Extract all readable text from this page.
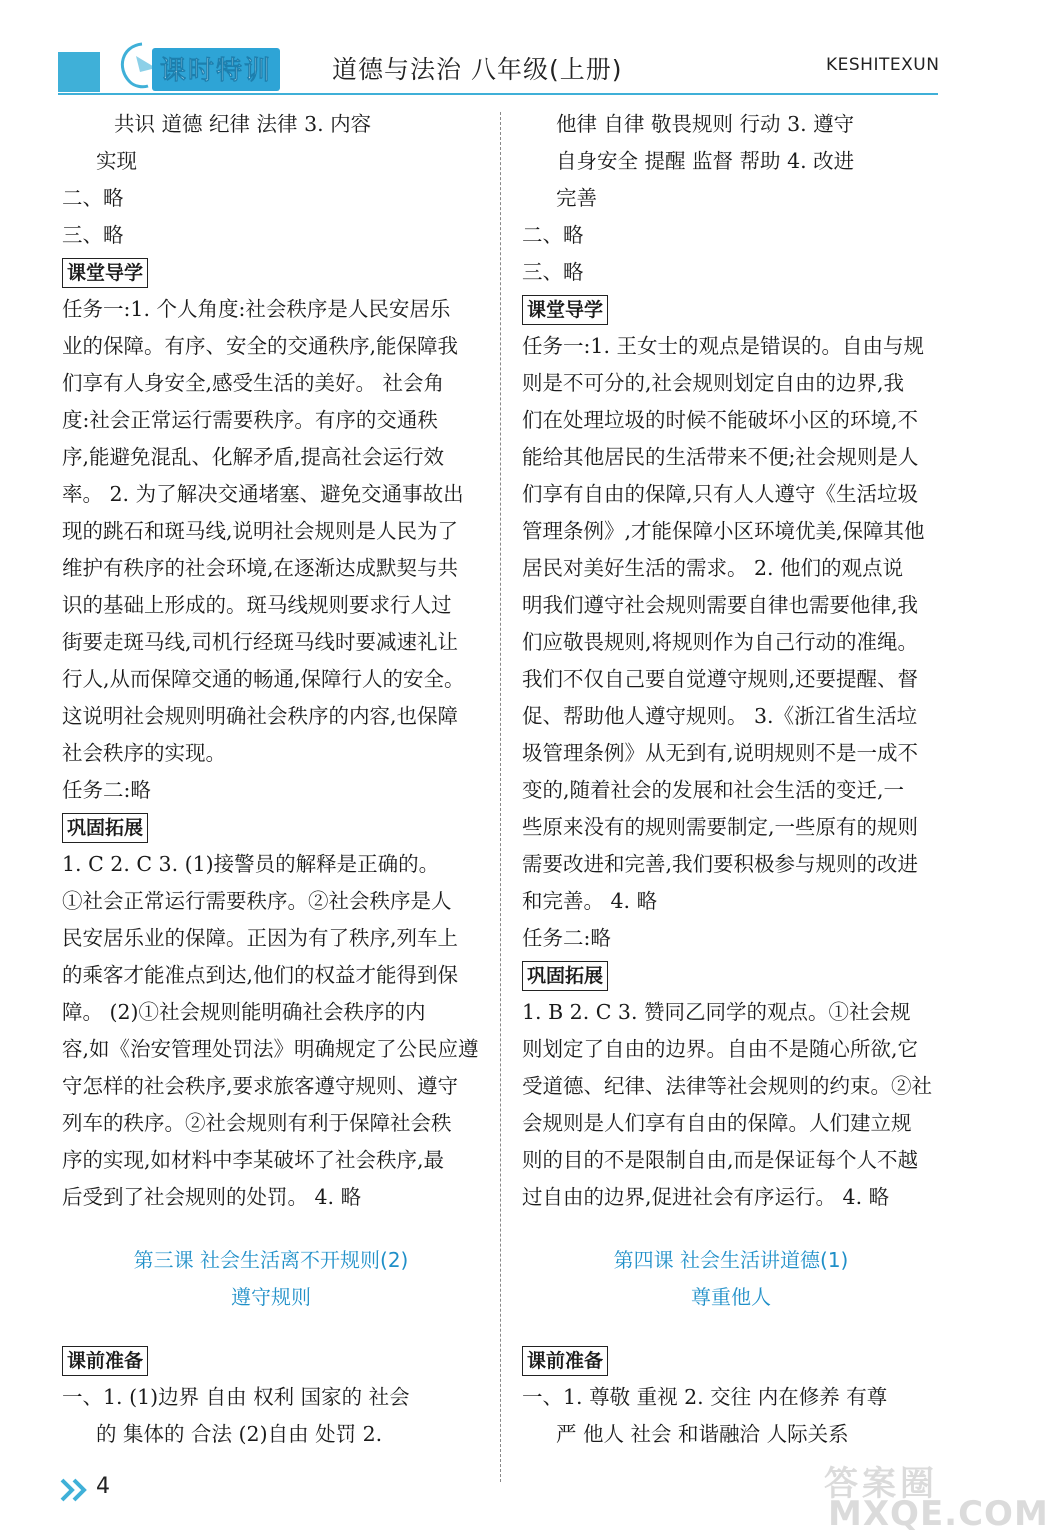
课时特训	道德与法治 八年级(上册)	KESHITEXUN
共识 道德 纪律 法律 3. 内容
实现
二、略
三、略
课堂导学
任务一:1. 个人角度:社会秩序是人民安居乐
业的保障。有序、安全的交通秩序,能保障我
们享有人身安全,感受生活的美好。 社会角
度:社会正常运行需要秩序。有序的交通秩
序,能避免混乱、化解矛盾,提高社会运行效
率。 2. 为了解决交通堵塞、避免交通事故出
现的跳石和斑马线,说明社会规则是人民为了
维护有秩序的社会环境,在逐渐达成默契与共
识的基础上形成的。斑马线规则要求行人过
街要走斑马线,司机行经斑马线时要减速礼让
行人,从而保障交通的畅通,保障行人的安全。
这说明社会规则明确社会秩序的内容,也保障
社会秩序的实现。
任务二:略
巩固拓展
1. C 2. C 3. (1)接警员的解释是正确的。
①社会正常运行需要秩序。②社会秩序是人
民安居乐业的保障。正因为有了秩序,列车上
的乘客才能准点到达,他们的权益才能得到保
障。 (2)①社会规则能明确社会秩序的内
容,如《治安管理处罚法》明确规定了公民应遵
守怎样的社会秩序,要求旅客遵守规则、遵守
列车的秩序。②社会规则有利于保障社会秩
序的实现,如材料中李某破坏了社会秩序,最
后受到了社会规则的处罚。 4. 略
第三课 社会生活离不开规则(2)
遵守规则
课前准备
一、1. (1)边界 自由 权利 国家的 社会
的 集体的 合法 (2)自由 处罚 2.
他律 自律 敬畏规则 行动 3. 遵守
自身安全 提醒 监督 帮助 4. 改进
完善
二、略
三、略
课堂导学
任务一:1. 王女士的观点是错误的。自由与规
则是不可分的,社会规则划定自由的边界,我
们在处理垃圾的时候不能破坏小区的环境,不
能给其他居民的生活带来不便;社会规则是人
们享有自由的保障,只有人人遵守《生活垃圾
管理条例》,才能保障小区环境优美,保障其他
居民对美好生活的需求。 2. 他们的观点说
明我们遵守社会规则需要自律也需要他律,我
们应敬畏规则,将规则作为自己行动的准绳。
我们不仅自己要自觉遵守规则,还要提醒、督
促、帮助他人遵守规则。 3.《浙江省生活垃
圾管理条例》从无到有,说明规则不是一成不
变的,随着社会的发展和社会生活的变迁,一
些原来没有的规则需要制定,一些原有的规则
需要改进和完善,我们要积极参与规则的改进
和完善。 4. 略
任务二:略
巩固拓展
1. B 2. C 3. 赞同乙同学的观点。①社会规
则划定了自由的边界。自由不是随心所欲,它
受道德、纪律、法律等社会规则的约束。②社
会规则是人们享有自由的保障。人们建立规
则的目的不是限制自由,而是保证每个人不越
过自由的边界,促进社会有序运行。 4. 略
第四课 社会生活讲道德(1)
尊重他人
课前准备
一、1. 尊敬 重视 2. 交往 内在修养 有尊
严 他人 社会 和谐融洽 人际关系
4	答案圈
MXQE.COM
